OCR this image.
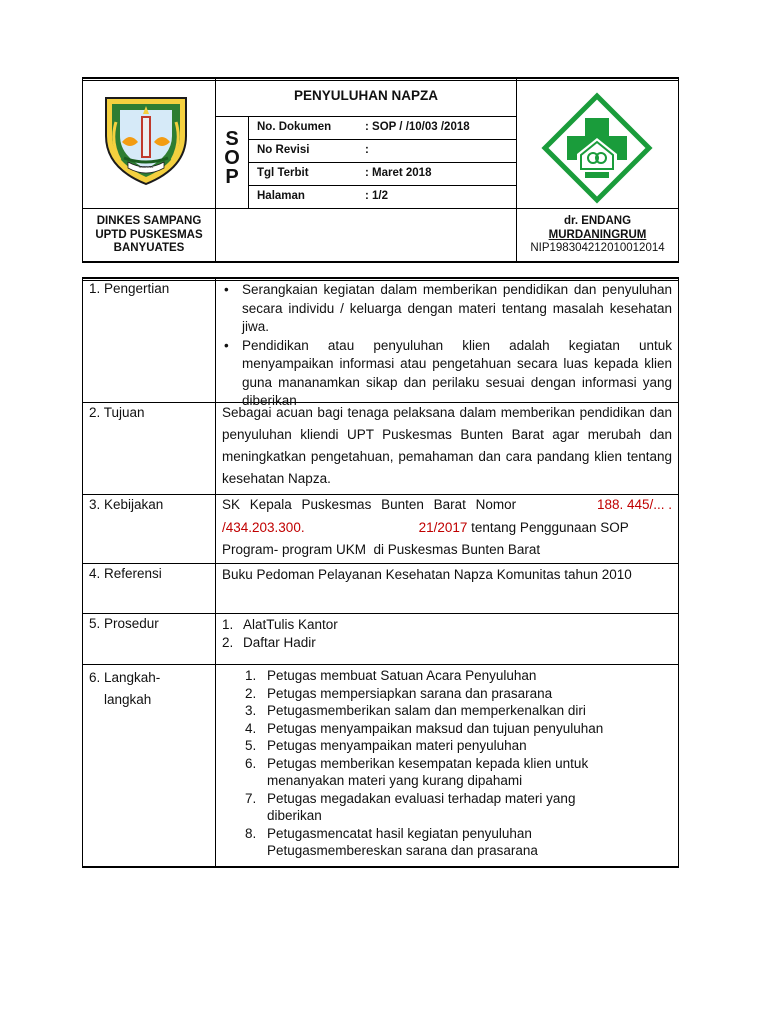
SAMPANG
PENYULUHAN NAPZA
S
O
P
No. Dokumen	: SOP / /10/03 /2018
No Revisi	:
Tgl Terbit	: Maret 2018
Halaman	: 1/2
DINKES SAMPANG
UPTD PUSKESMAS
BANYUATES
dr. ENDANG
MURDANINGRUM
NIP198304212010012014
1. Pengertian
•	Serangkaian kegiatan dalam memberikan pendidikan dan penyuluhan secara individu / keluarga dengan materi tentang masalah kesehatan jiwa.
• Pendidikan atau penyuluhan klien adalah kegiatan untuk menyampaikan informasi atau pengetahuan secara luas kepada klien guna mananamkan sikap dan perilaku sesuai dengan informasi yang diberikan
2. Tujuan	Sebagai acuan bagi tenaga pelaksana dalam memberikan pendidikan dan penyuluhan kliendi UPT Puskesmas Bunten Barat agar merubah dan meningkatkan pengetahuan, pemahaman dan cara pandang klien tentang kesehatan Napza.
3. Kebijakan	SK Kepala Puskesmas Bunten Barat Nomor	188. 445/... .
/434.203.300.	21/2017 tentang Penggunaan SOP
Program- program UKM  di Puskesmas Bunten Barat
4. Referensi	Buku Pedoman Pelayanan Kesehatan Napza Komunitas tahun 2010
5. Prosedur	1. AlatTulis Kantor
2. Daftar Hadir
6. Langkah-
langkah
1. Petugas membuat Satuan Acara Penyuluhan
2. Petugas mempersiapkan sarana dan prasarana
3. Petugasmemberikan salam dan memperkenalkan diri
4. Petugas menyampaikan maksud dan tujuan penyuluhan
5. Petugas menyampaikan materi penyuluhan
6. Petugas memberikan kesempatan kepada klien untuk menanyakan materi yang kurang dipahami
7. Petugas megadakan evaluasi terhadap materi yang diberikan
8. Petugasmencatat hasil kegiatan penyuluhan
Petugasmembereskan sarana dan prasarana
